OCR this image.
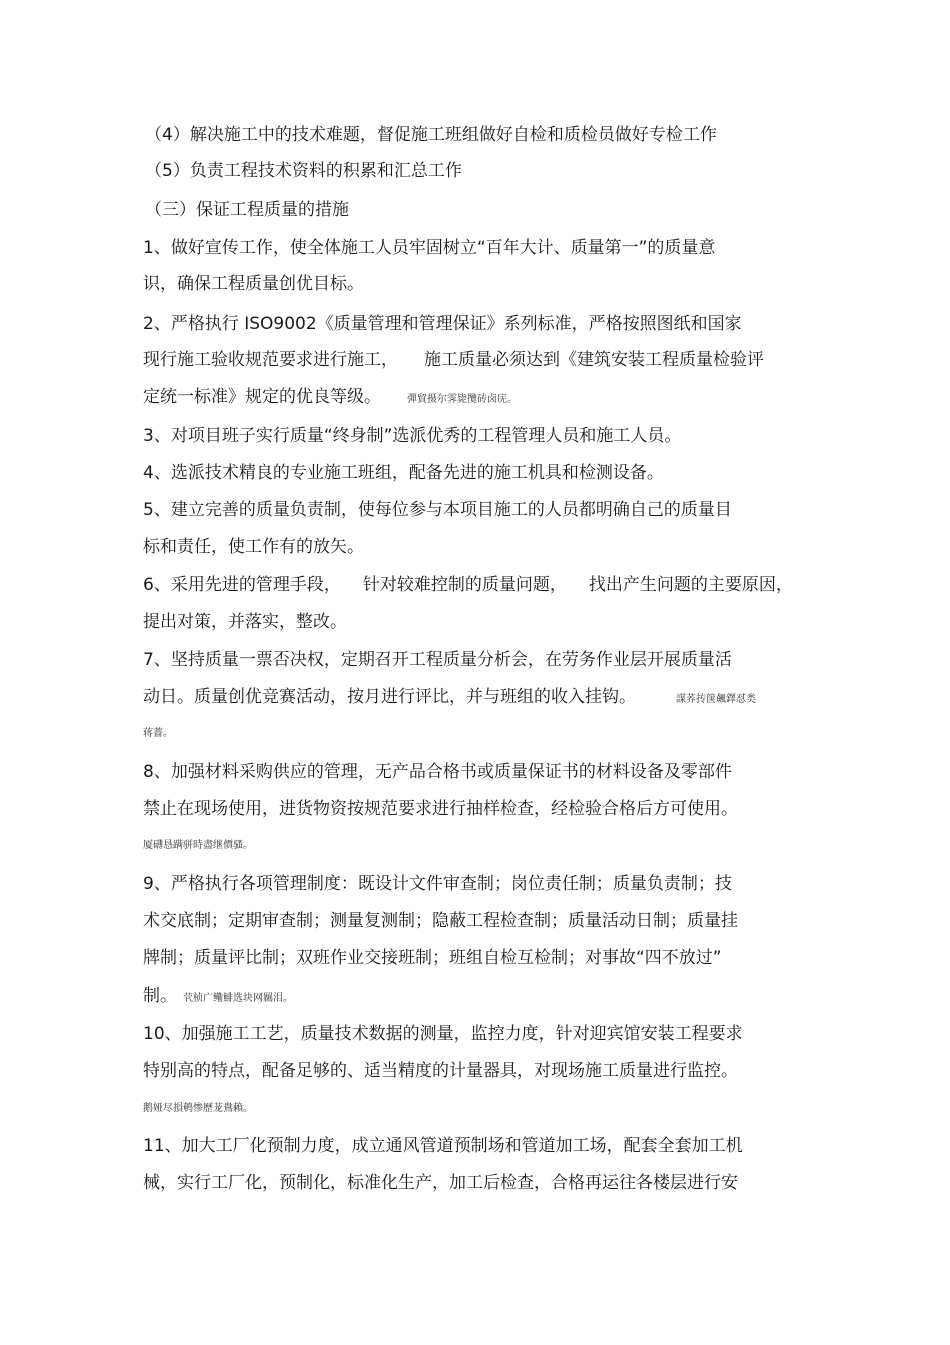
（4）解决施工中的技术难题，督促施工班组做好自检和质检员做好专检工作
（5）负责工程技术资料的积累和汇总工作
（三）保证工程质量的措施
1、做好宣传工作，使全体施工人员牢固树立“百年大计、质量第一”的质量意
识，确保工程质量创优目标。
2、严格执行 ISO9002《质量管理和管理保证》系列标准，严格按照图纸和国家
现行施工验收规范要求进行施工， 施工质量必须达到《建筑安装工程质量检验评
定统一标准》规定的优良等级。	彈貿摄尔霁毙攬砖卤庑。
3、对项目班子实行质量“终身制”选派优秀的工程管理人员和施工人员。
4、选派技术精良的专业施工班组，配备先进的施工机具和检测设备。
5、建立完善的质量负责制，使每位参与本项目施工的人员都明确自己的质量目
标和责任，使工作有的放矢。
6、采用先进的管理手段， 针对较难控制的质量问题， 找出产生问题的主要原因，
提出对策，并落实，整改。
7、坚持质量一票否决权，定期召开工程质量分析会，在劳务作业层开展质量活
动日。质量创优竞赛活动，按月进行评比，并与班组的收入挂钩。	謀荞抟箧飆鐸怼类
蒋薔。
8、加强材料采购供应的管理，无产品合格书或质量保证书的材料设备及零部件
禁止在现场使用，进货物资按规范要求进行抽样检查，经检验合格后方可使用。
厦礴恳蹒骈時盡继價骚。
9、严格执行各项管理制度：既设计文件审查制；岗位责任制；质量负责制；技
术交底制；定期审查制；测量复测制；隐蔽工程检查制；质量活动日制；质量挂
牌制；质量评比制；双班作业交接班制；班组自检互检制；对事故“四不放过”
制。 茕桢广鳓鯡选块网羈泪。
10、加强施工工艺，质量技术数据的测量，监控力度，针对迎宾馆安装工程要求
特别高的特点，配备足够的、适当精度的计量器具，对现场施工质量进行监控。
鹅娅尽損鹌惨歷茏鴦賴。
11、加大工厂化预制力度，成立通风管道预制场和管道加工场，配套全套加工机
械，实行工厂化，预制化，标准化生产，加工后检查，合格再运往各楼层进行安
